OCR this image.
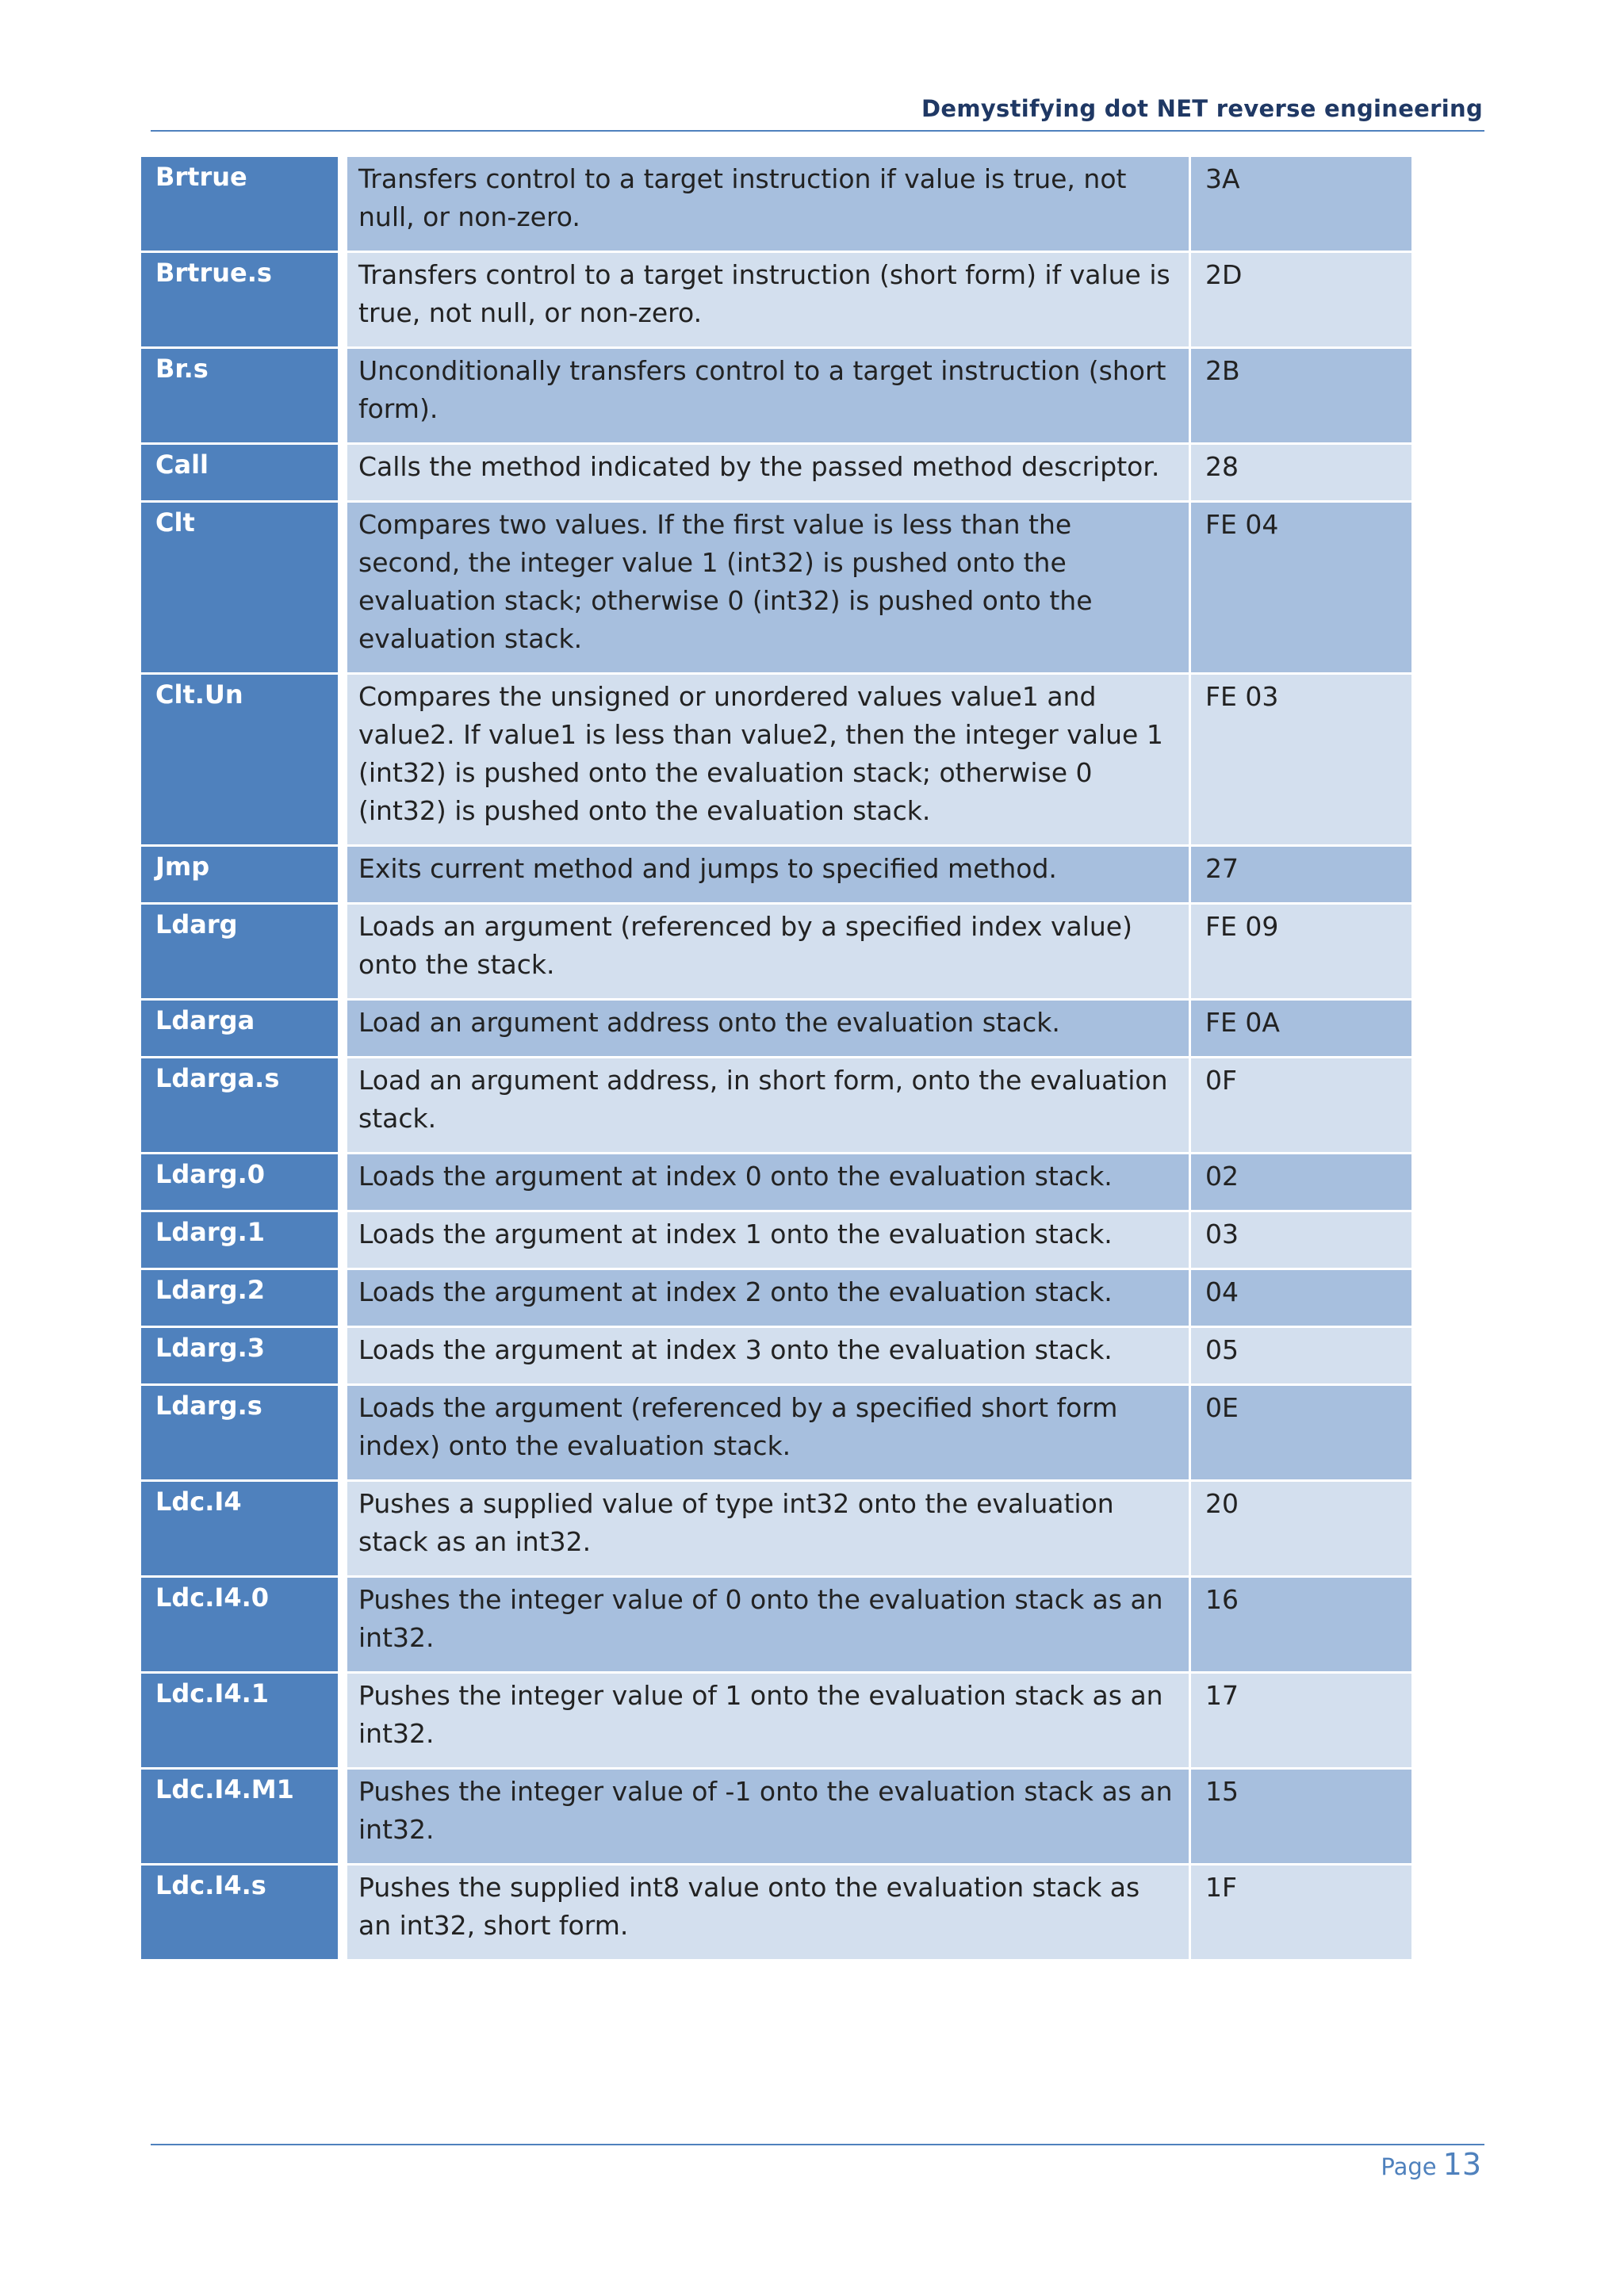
Demystifying dot NET reverse engineering
Brtrue	Transfers control to a target instruction if value is true, not null, or non-zero.	3A
Brtrue.s	Transfers control to a target instruction (short form) if value is true, not null, or non-zero.	2D
Br.s	Unconditionally transfers control to a target instruction (short form).	2B
Call	Calls the method indicated by the passed method descriptor.	28
Clt	Compares two values. If the first value is less than the second, the integer value 1 (int32) is pushed onto the evaluation stack; otherwise 0 (int32) is pushed onto the evaluation stack.	FE 04
Clt.Un	Compares the unsigned or unordered values value1 and value2. If value1 is less than value2, then the integer value 1 (int32) is pushed onto the evaluation stack; otherwise 0 (int32) is pushed onto the evaluation stack.	FE 03
Jmp	Exits current method and jumps to specified method.	27
Ldarg	Loads an argument (referenced by a specified index value) onto the stack.	FE 09
Ldarga	Load an argument address onto the evaluation stack.	FE 0A
Ldarga.s	Load an argument address, in short form, onto the evaluation stack.	0F
Ldarg.0	Loads the argument at index 0 onto the evaluation stack.	02
Ldarg.1	Loads the argument at index 1 onto the evaluation stack.	03
Ldarg.2	Loads the argument at index 2 onto the evaluation stack.	04
Ldarg.3	Loads the argument at index 3 onto the evaluation stack.	05
Ldarg.s	Loads the argument (referenced by a specified short form index) onto the evaluation stack.	0E
Ldc.I4	Pushes a supplied value of type int32 onto the evaluation stack as an int32.	20
Ldc.I4.0	Pushes the integer value of 0 onto the evaluation stack as an int32.	16
Ldc.I4.1	Pushes the integer value of 1 onto the evaluation stack as an int32.	17
Ldc.I4.M1	Pushes the integer value of -1 onto the evaluation stack as an int32.	15
Ldc.I4.s	Pushes the supplied int8 value onto the evaluation stack as an int32, short form.	1F
Page 13
